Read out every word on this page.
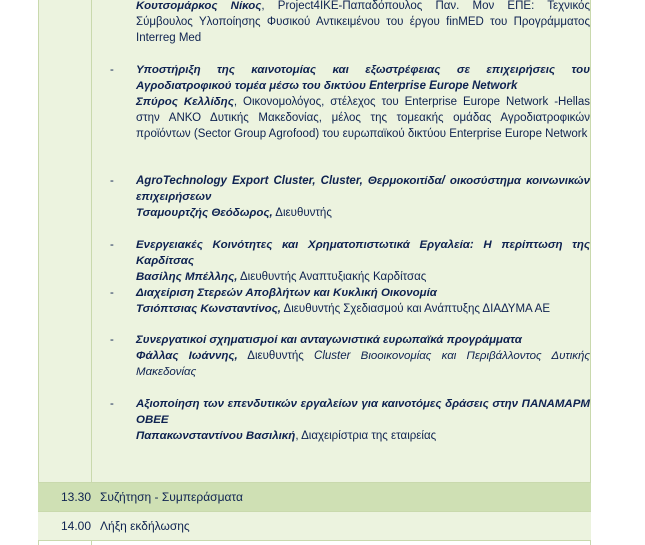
Κουτσομάρκος Νίκος, Project4IKE-Παπαδόπουλος Παν. Μον ΕΠΕ: Τεχνικός Σύμβουλος Υλοποίησης Φυσικού Αντικειμένου του έργου finMED του Προγράμματος Interreg Med
- Υποστήριξη της καινοτομίας και εξωστρέφειας σε επιχειρήσεις του Αγροδιατροφικού τομέα μέσω του δικτύου Enterprise Europe Network
Σπύρος Κελλίδης, Οικονομολόγος, στέλεχος του Enterprise Europe Network -Hellas στην ΑΝΚΟ Δυτικής Μακεδονίας, μέλος της τομεακής ομάδας Αγροδιατροφικών προϊόντων (Sector Group Agrofood) του ευρωπαϊκού δικτύου Enterprise Europe Network
- AgroTechnology Export Cluster, Cluster, Θερμοκοιτίδα/ οικοσύστημα κοινωνικών επιχειρήσεων
Τσαμουρτζής Θεόδωρος, Διευθυντής
- Ενεργειακές Κοινότητες και Χρηματοπιστωτικά Εργαλεία: Η περίπτωση της Καρδίτσας
Βασίλης Μπέλλης, Διευθυντής Αναπτυξιακής Καρδίτσας
- Διαχείριση Στερεών Αποβλήτων και Κυκλική Οικονομία
Τσιόπτσιας Κωνσταντίνος, Διευθυντής Σχεδιασμού και Ανάπτυξης ΔΙΑΔΥΜΑ ΑΕ
- Συνεργατικοί σχηματισμοί και ανταγωνιστικά ευρωπαϊκά προγράμματα
Φάλλας Ιωάννης, Διευθυντής Cluster Βιοοικονομίας και Περιβάλλοντος Δυτικής Μακεδονίας
- Αξιοποίηση των επενδυτικών εργαλείων για καινοτόμες δράσεις στην ΠΑΝΑΜΑΡΜ ΟΒΕΕ
Παπακωνσταντίνου Βασιλική, Διαχειρίστρια της εταιρείας
13.30 Συζήτηση - Συμπεράσματα
14.00 Λήξη εκδήλωσης
